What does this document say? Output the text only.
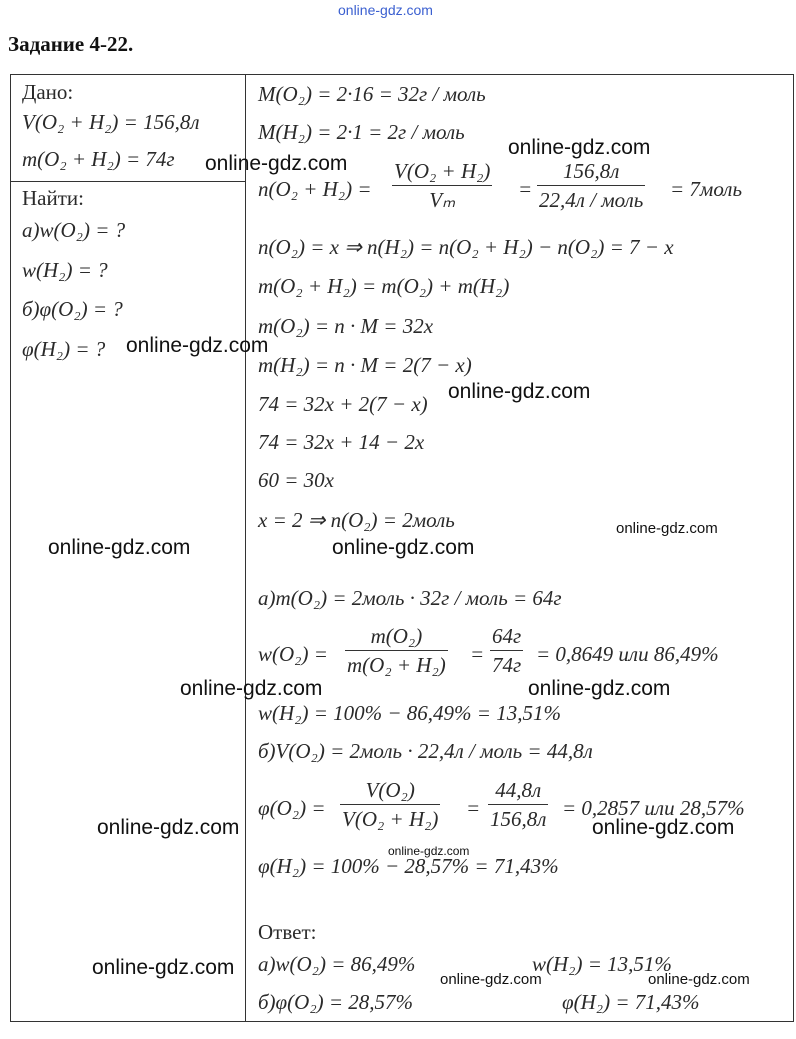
online-gdz.com
Задание 4-22.
Дано:
V(O₂ + H₂) = 156,8л
m(O₂ + H₂) = 74г
Найти:
а)w(O₂) = ?
w(H₂) = ?
б)φ(O₂) = ?
φ(H₂) = ?
M(O₂) = 2·16 = 32г / моль
M(H₂) = 2·1 = 2г / моль
n(O₂ + H₂) =
V(O₂ + H₂)
Vₘ	=
156,8л
22,4л / моль = 7моль
n(O₂) = x ⇒ n(H₂) = n(O₂ + H₂) − n(O₂) = 7 − x
m(O₂ + H₂) = m(O₂) + m(H₂)
m(O₂) = n · M = 32x
m(H₂) = n · M = 2(7 − x)
74 = 32x + 2(7 − x)
74 = 32x + 14 − 2x
60 = 30x
x = 2 ⇒ n(O₂) = 2моль
а)m(O₂) = 2моль · 32г / моль = 64г
w(O₂) =
m(O₂)
m(O₂ + H₂) =
64г
74г = 0,8649 или 86,49%
w(H₂) = 100% − 86,49% = 13,51%
б)V(O₂) = 2моль · 22,4л / моль = 44,8л
φ(O₂) =
V(O₂)
V(O₂ + H₂) =
44,8л
156,8л = 0,2857 или 28,57%
φ(H₂) = 100% − 28,57% = 71,43%
Ответ:
а)w(O₂) = 86,49%	w(H₂) = 13,51%
б)φ(O₂) = 28,57%	φ(H₂) = 71,43%
online-gdz.com
online-gdz.com
online-gdz.com
online-gdz.com
online-gdz.com
online-gdz.com	online-gdz.com
online-gdz.com	online-gdz.com
online-gdz.com	online-gdz.com
online-gdz.com
online-gdz.com
online-gdz.com	online-gdz.com
